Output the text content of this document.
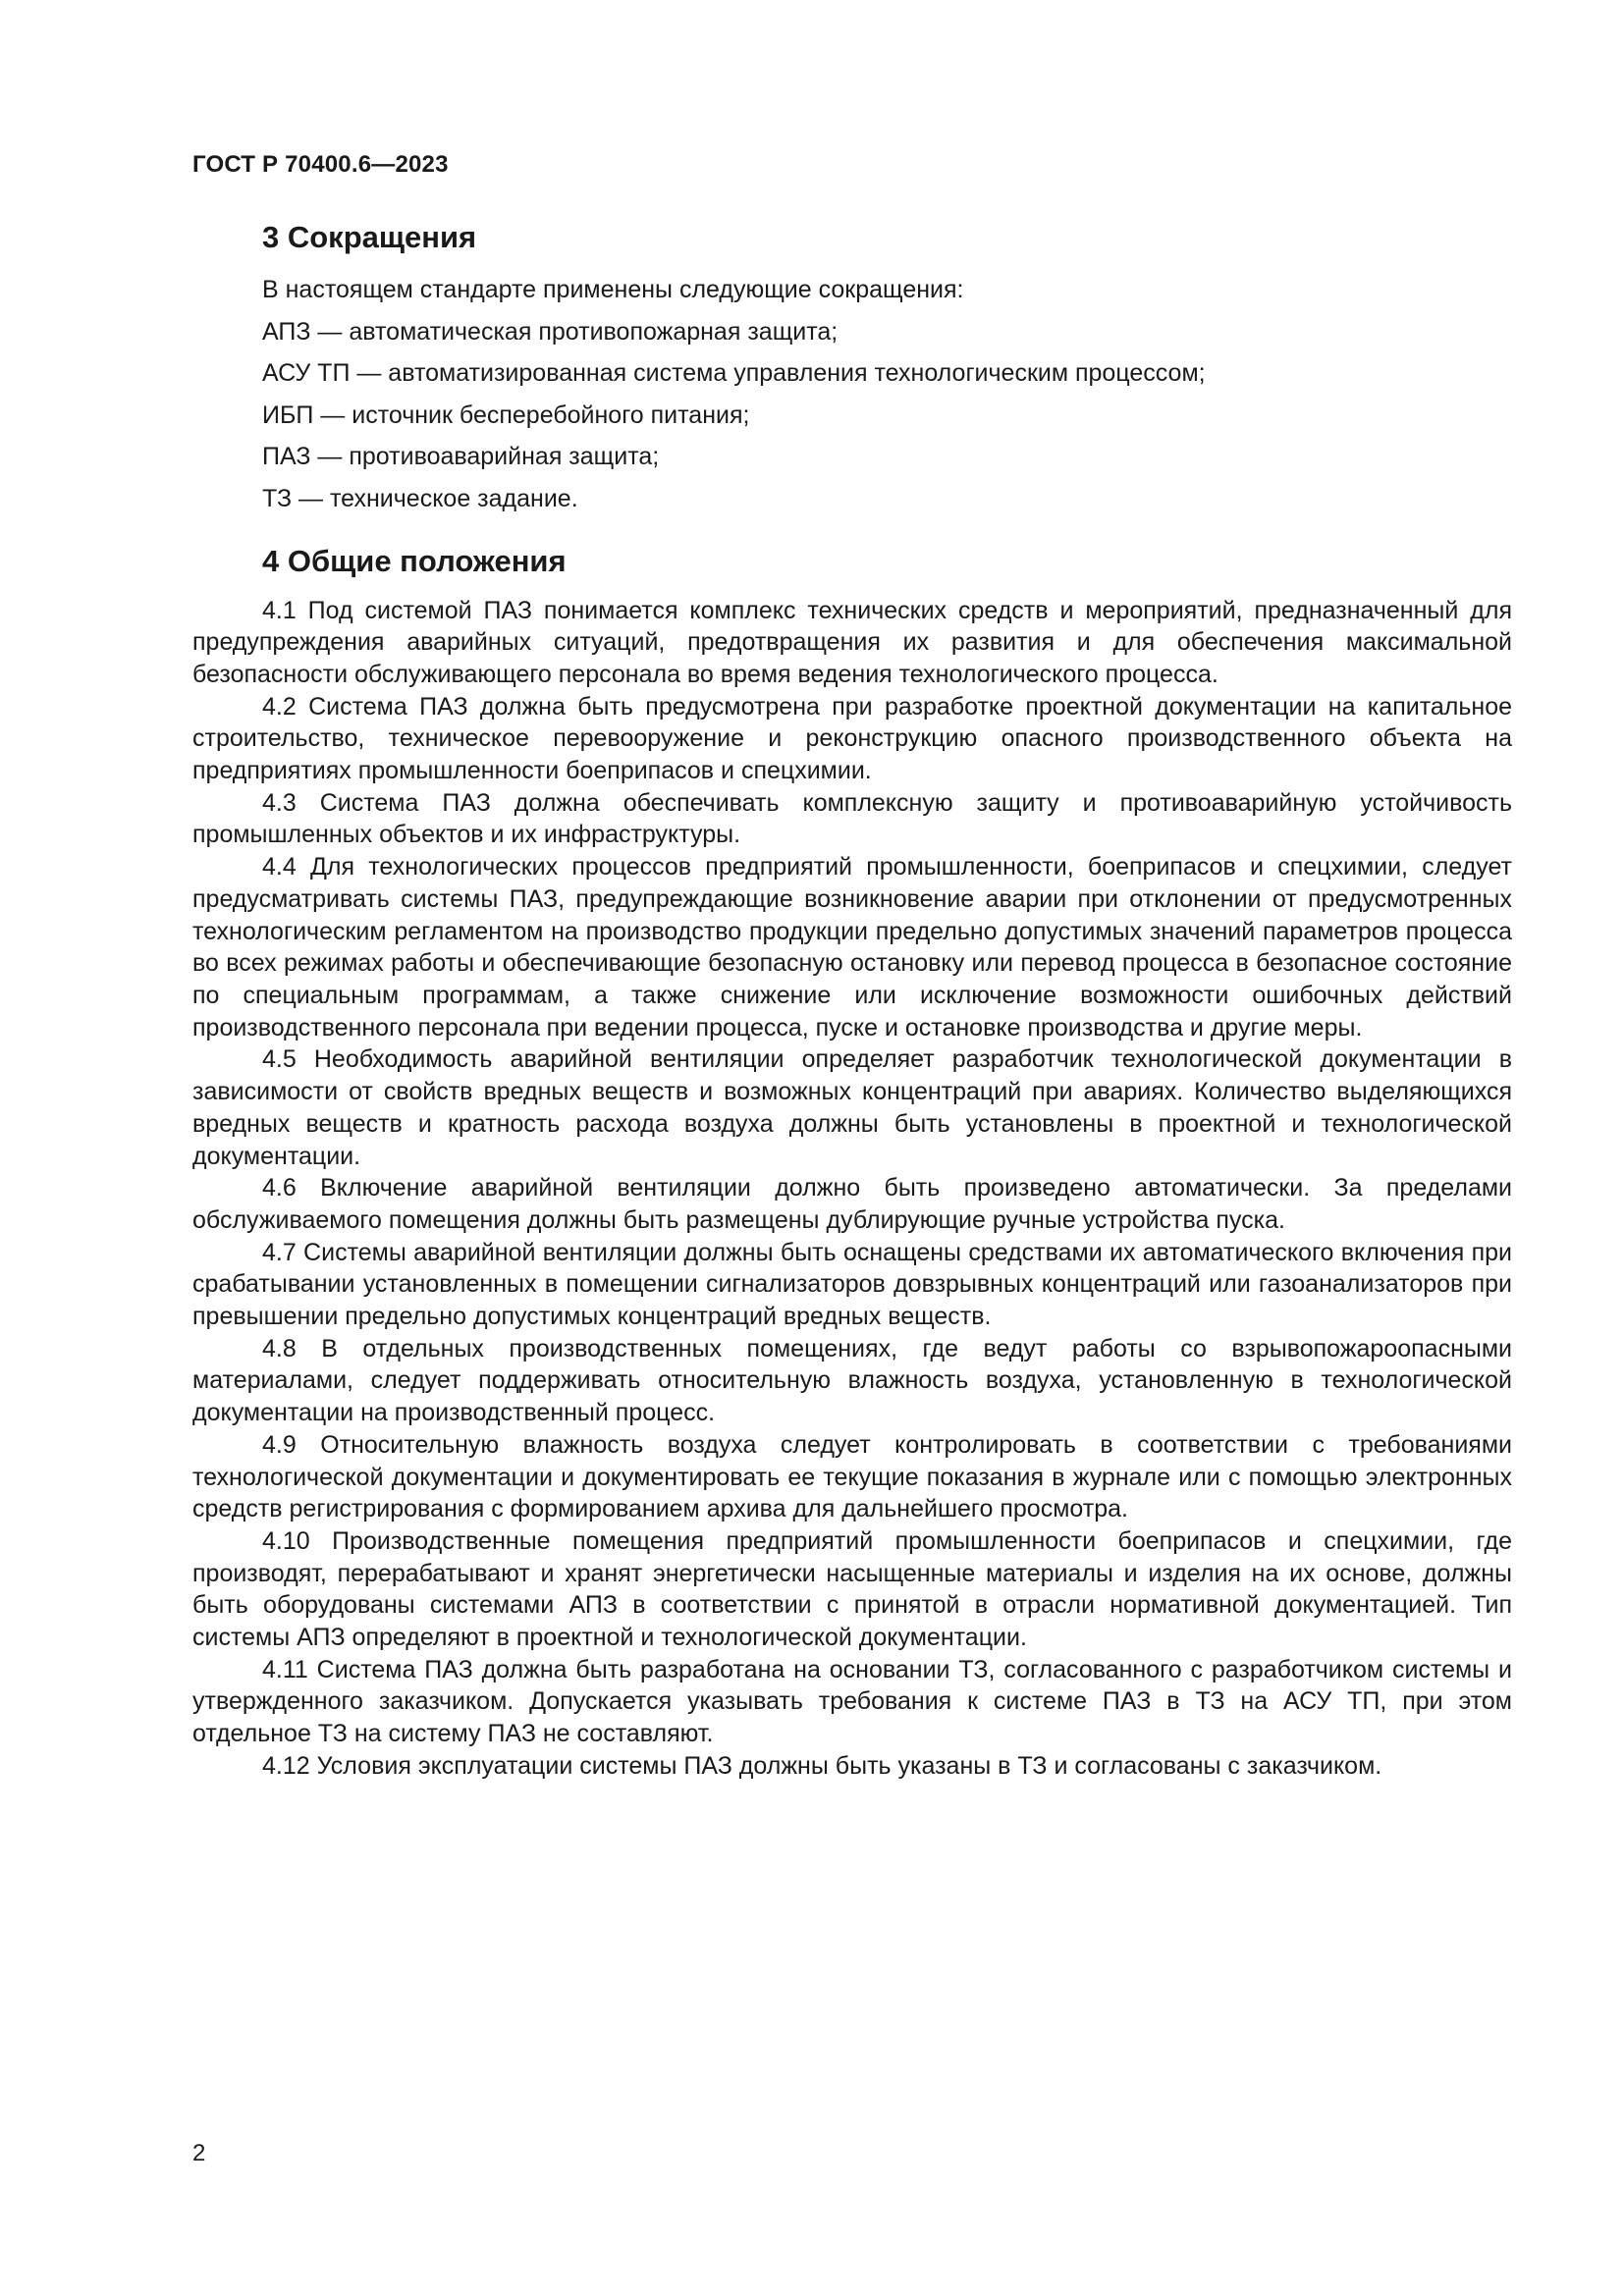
ГОСТ Р 70400.6—2023
3 Сокращения
В настоящем стандарте применены следующие сокращения:
АПЗ — автоматическая противопожарная защита;
АСУ ТП — автоматизированная система управления технологическим процессом;
ИБП — источник бесперебойного питания;
ПАЗ — противоаварийная защита;
ТЗ — техническое задание.
4 Общие положения

4.1 Под системой ПАЗ понимается комплекс технических средств и мероприятий, предназначенный для предупреждения аварийных ситуаций, предотвращения их развития и для обеспечения максимальной безопасности обслуживающего персонала во время ведения технологического процесса.

4.2 Система ПАЗ должна быть предусмотрена при разработке проектной документации на капитальное строительство, техническое перевооружение и реконструкцию опасного производственного объекта на предприятиях промышленности боеприпасов и спецхимии.

4.3 Система ПАЗ должна обеспечивать комплексную защиту и противоаварийную устойчивость промышленных объектов и их инфраструктуры.

4.4 Для технологических процессов предприятий промышленности, боеприпасов и спецхимии, следует предусматривать системы ПАЗ, предупреждающие возникновение аварии при отклонении от предусмотренных технологическим регламентом на производство продукции предельно допустимых значений параметров процесса во всех режимах работы и обеспечивающие безопасную остановку или перевод процесса в безопасное состояние по специальным программам, а также снижение или исключение возможности ошибочных действий производственного персонала при ведении процесса, пуске и остановке производства и другие меры.

4.5 Необходимость аварийной вентиляции определяет разработчик технологической документации в зависимости от свойств вредных веществ и возможных концентраций при авариях. Количество выделяющихся вредных веществ и кратность расхода воздуха должны быть установлены в проектной и технологической документации.

4.6 Включение аварийной вентиляции должно быть произведено автоматически. За пределами обслуживаемого помещения должны быть размещены дублирующие ручные устройства пуска.

4.7 Системы аварийной вентиляции должны быть оснащены средствами их автоматического включения при срабатывании установленных в помещении сигнализаторов довзрывных концентраций или газоанализаторов при превышении предельно допустимых концентраций вредных веществ.

4.8 В отдельных производственных помещениях, где ведут работы со взрывопожароопасными материалами, следует поддерживать относительную влажность воздуха, установленную в технологической документации на производственный процесс.

4.9 Относительную влажность воздуха следует контролировать в соответствии с требованиями технологической документации и документировать ее текущие показания в журнале или с помощью электронных средств регистрирования с формированием архива для дальнейшего просмотра.

4.10 Производственные помещения предприятий промышленности боеприпасов и спецхимии, где производят, перерабатывают и хранят энергетически насыщенные материалы и изделия на их основе, должны быть оборудованы системами АПЗ в соответствии с принятой в отрасли нормативной документацией. Тип системы АПЗ определяют в проектной и технологической документации.

4.11 Система ПАЗ должна быть разработана на основании ТЗ, согласованного с разработчиком системы и утвержденного заказчиком. Допускается указывать требования к системе ПАЗ в ТЗ на АСУ ТП, при этом отдельное ТЗ на систему ПАЗ не составляют.

4.12 Условия эксплуатации системы ПАЗ должны быть указаны в ТЗ и согласованы с заказчиком.

2
